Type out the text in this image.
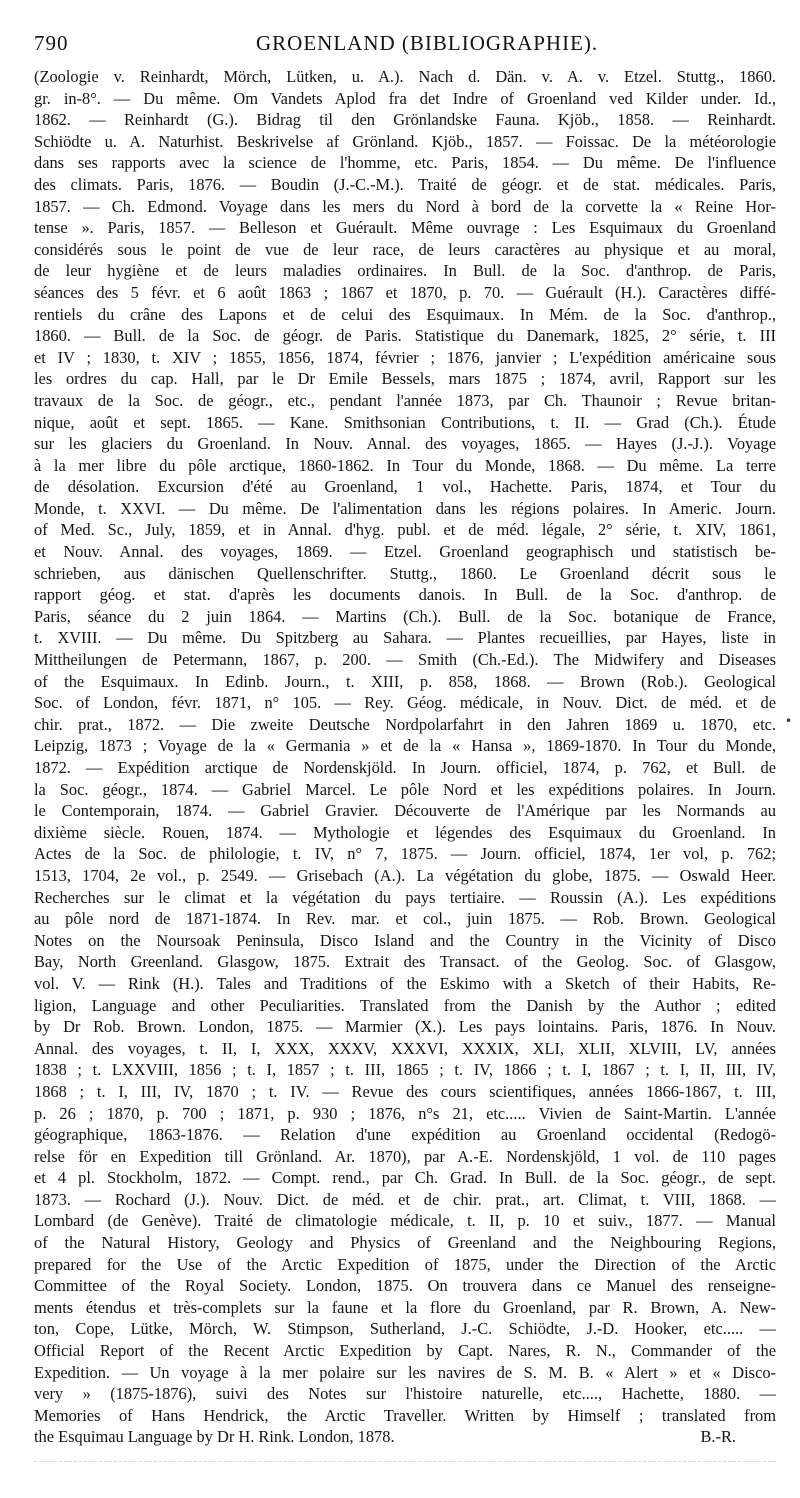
790	GROENLAND (BIBLIOGRAPHIE).
(Zoologie v. Reinhardt, Mörch, Lütken, u. A.). Nach d. Dän. v. A. v. Etzel. Stuttg., 1860.
gr. in-8°. — Du même. Om Vandets Aplod fra det Indre of Groenland ved Kilder under. Id.,
1862. — Reinhardt (G.). Bidrag til den Grönlandske Fauna. Kjöb., 1858. — Reinhardt.
Schiödte u. A. Naturhist. Beskrivelse af Grönland. Kjöb., 1857. — Foissac. De la météorologie
dans ses rapports avec la science de l'homme, etc. Paris, 1854. — Du même. De l'influence
des climats. Paris, 1876. — Boudin (J.-C.-M.). Traité de géogr. et de stat. médicales. Paris,
1857. — Ch. Edmond. Voyage dans les mers du Nord à bord de la corvette la « Reine Hor-
tense ». Paris, 1857. — Belleson et Guérault. Même ouvrage : Les Esquimaux du Groenland
considérés sous le point de vue de leur race, de leurs caractères au physique et au moral,
de leur hygiène et de leurs maladies ordinaires. In Bull. de la Soc. d'anthrop. de Paris,
séances des 5 févr. et 6 août 1863 ; 1867 et 1870, p. 70. — Guérault (H.). Caractères diffé-
rentiels du crâne des Lapons et de celui des Esquimaux. In Mém. de la Soc. d'anthrop.,
1860. — Bull. de la Soc. de géogr. de Paris. Statistique du Danemark, 1825, 2° série, t. III
et IV ; 1830, t. XIV ; 1855, 1856, 1874, février ; 1876, janvier ; L'expédition américaine sous
les ordres du cap. Hall, par le Dr Emile Bessels, mars 1875 ; 1874, avril, Rapport sur les
travaux de la Soc. de géogr., etc., pendant l'année 1873, par Ch. Thaunoir ; Revue britan-
nique, août et sept. 1865. — Kane. Smithsonian Contributions, t. II. — Grad (Ch.). Étude
sur les glaciers du Groenland. In Nouv. Annal. des voyages, 1865. — Hayes (J.-J.). Voyage
à la mer libre du pôle arctique, 1860-1862. In Tour du Monde, 1868. — Du même. La terre
de désolation. Excursion d'été au Groenland, 1 vol., Hachette. Paris, 1874, et Tour du
Monde, t. XXVI. — Du même. De l'alimentation dans les régions polaires. In Americ. Journ.
of Med. Sc., July, 1859, et in Annal. d'hyg. publ. et de méd. légale, 2° série, t. XIV, 1861,
et Nouv. Annal. des voyages, 1869. — Etzel. Groenland geographisch und statistisch be-
schrieben, aus dänischen Quellenschrifter. Stuttg., 1860. Le Groenland décrit sous le
rapport géog. et stat. d'après les documents danois. In Bull. de la Soc. d'anthrop. de
Paris, séance du 2 juin 1864. — Martins (Ch.). Bull. de la Soc. botanique de France,
t. XVIII. — Du même. Du Spitzberg au Sahara. — Plantes recueillies, par Hayes, liste in
Mittheilungen de Petermann, 1867, p. 200. — Smith (Ch.-Ed.). The Midwifery and Diseases
of the Esquimaux. In Edinb. Journ., t. XIII, p. 858, 1868. — Brown (Rob.). Geological
Soc. of London, févr. 1871, n° 105. — Rey. Géog. médicale, in Nouv. Dict. de méd. et de
chir. prat., 1872. — Die zweite Deutsche Nordpolarfahrt in den Jahren 1869 u. 1870, etc.
Leipzig, 1873 ; Voyage de la « Germania » et de la « Hansa », 1869-1870. In Tour du Monde,
1872. — Expédition arctique de Nordenskjöld. In Journ. officiel, 1874, p. 762, et Bull. de
la Soc. géogr., 1874. — Gabriel Marcel. Le pôle Nord et les expéditions polaires. In Journ.
le Contemporain, 1874. — Gabriel Gravier. Découverte de l'Amérique par les Normands au
dixième siècle. Rouen, 1874. — Mythologie et légendes des Esquimaux du Groenland. In
Actes de la Soc. de philologie, t. IV, n° 7, 1875. — Journ. officiel, 1874, 1er vol, p. 762;
1513, 1704, 2e vol., p. 2549. — Grisebach (A.). La végétation du globe, 1875. — Oswald Heer.
Recherches sur le climat et la végétation du pays tertiaire. — Roussin (A.). Les expéditions
au pôle nord de 1871-1874. In Rev. mar. et col., juin 1875. — Rob. Brown. Geological
Notes on the Noursoak Peninsula, Disco Island and the Country in the Vicinity of Disco
Bay, North Greenland. Glasgow, 1875. Extrait des Transact. of the Geolog. Soc. of Glasgow,
vol. V. — Rink (H.). Tales and Traditions of the Eskimo with a Sketch of their Habits, Re-
ligion, Language and other Peculiarities. Translated from the Danish by the Author ; edited
by Dr Rob. Brown. London, 1875. — Marmier (X.). Les pays lointains. Paris, 1876. In Nouv.
Annal. des voyages, t. II, I, XXX, XXXV, XXXVI, XXXIX, XLI, XLII, XLVIII, LV, années
1838 ; t. LXXVIII, 1856 ; t. I, 1857 ; t. III, 1865 ; t. IV, 1866 ; t. I, 1867 ; t. I, II, III, IV,
1868 ; t. I, III, IV, 1870 ; t. IV. — Revue des cours scientifiques, années 1866-1867, t. III,
p. 26 ; 1870, p. 700 ; 1871, p. 930 ; 1876, n°s 21, etc..... Vivien de Saint-Martin. L'année
géographique, 1863-1876. — Relation d'une expédition au Groenland occidental (Redogö-
relse för en Expedition till Grönland. Ar. 1870), par A.-E. Nordenskjöld, 1 vol. de 110 pages
et 4 pl. Stockholm, 1872. — Compt. rend., par Ch. Grad. In Bull. de la Soc. géogr., de sept.
1873. — Rochard (J.). Nouv. Dict. de méd. et de chir. prat., art. Climat, t. VIII, 1868. —
Lombard (de Genève). Traité de climatologie médicale, t. II, p. 10 et suiv., 1877. — Manual
of the Natural History, Geology and Physics of Greenland and the Neighbouring Regions,
prepared for the Use of the Arctic Expedition of 1875, under the Direction of the Arctic
Committee of the Royal Society. London, 1875. On trouvera dans ce Manuel des renseigne-
ments étendus et très-complets sur la faune et la flore du Groenland, par R. Brown, A. New-
ton, Cope, Lütke, Mörch, W. Stimpson, Sutherland, J.-C. Schiödte, J.-D. Hooker, etc..... —
Official Report of the Recent Arctic Expedition by Capt. Nares, R. N., Commander of the
Expedition. — Un voyage à la mer polaire sur les navires de S. M. B. « Alert » et « Disco-
very » (1875-1876), suivi des Notes sur l'histoire naturelle, etc...., Hachette, 1880. —
Memories of Hans Hendrick, the Arctic Traveller. Written by Himself ; translated from
the Esquimau Language by Dr H. Rink. London, 1878.	B.-R.
•
